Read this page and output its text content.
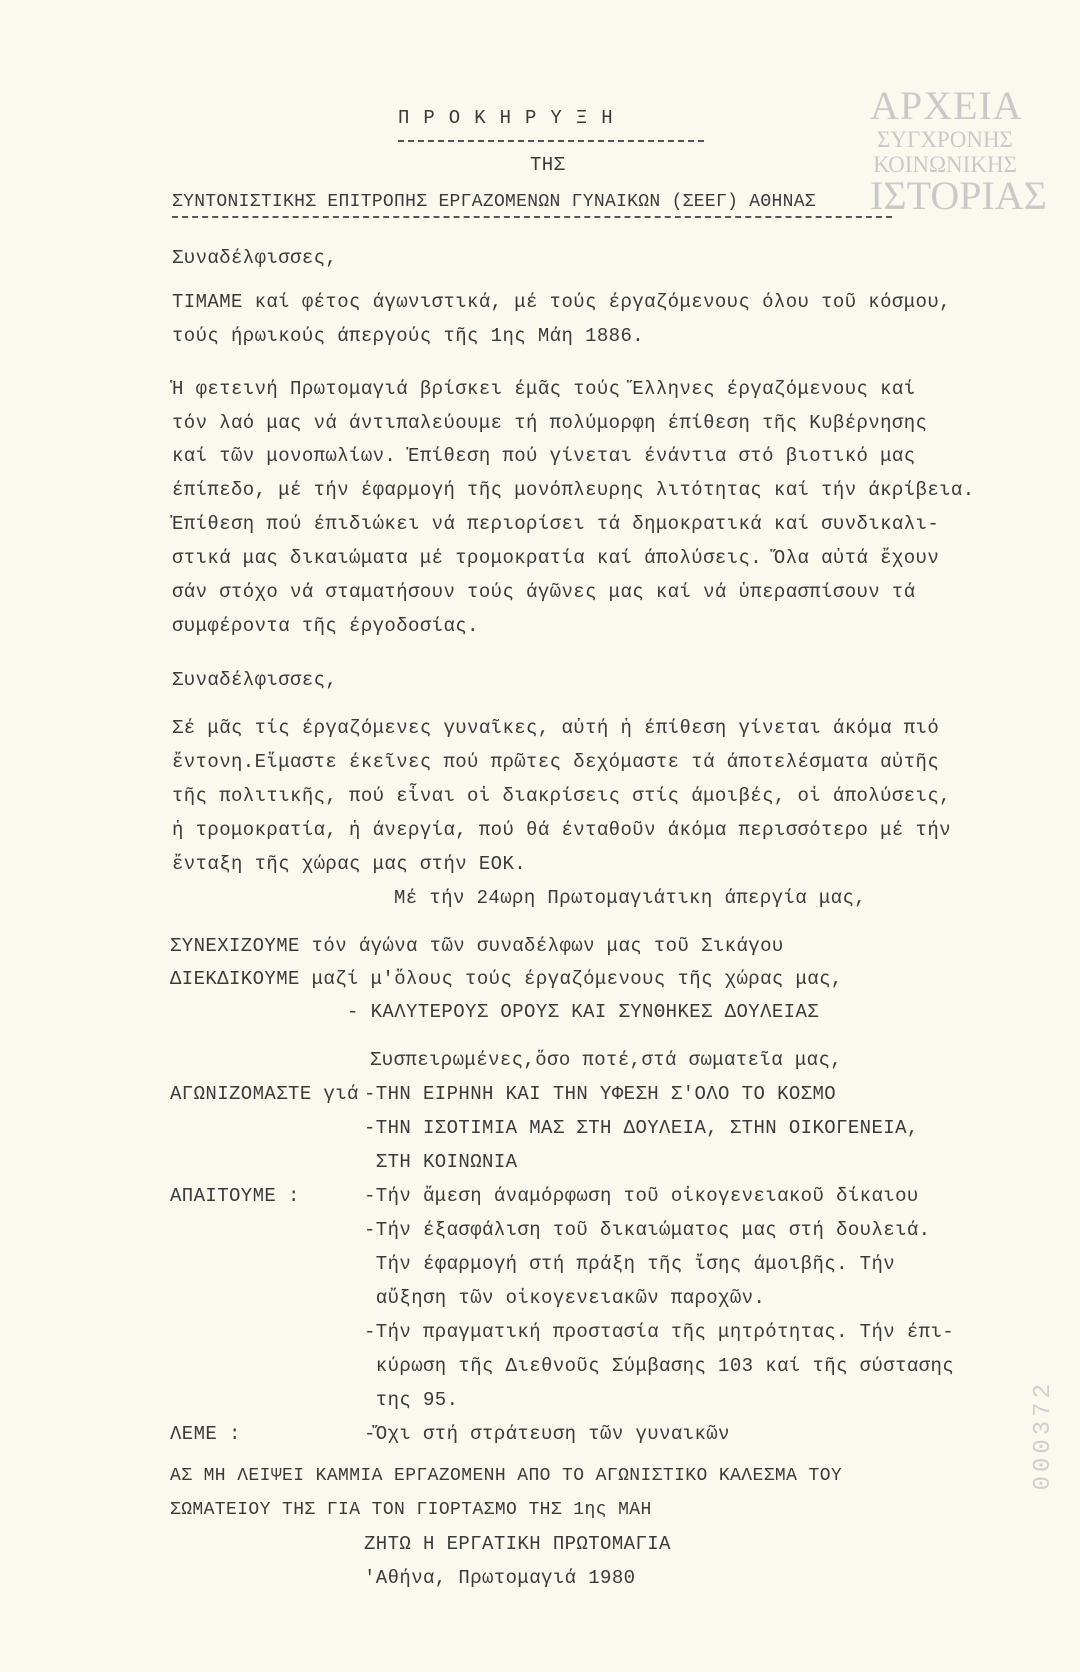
ΑΡΧΕΙΑ
ΣΥΓΧΡΟΝΗΣ
ΚΟΙΝΩΝΙΚΗΣ
ΙΣΤΟΡΙΑΣ
000372
ΠΡΟΚΗΡΥΞΗ
ΤΗΣ
ΣΥΝΤΟΝΙΣΤΙΚΗΣ ΕΠΙΤΡΟΠΗΣ ΕΡΓΑΖΟΜΕΝΩΝ ΓΥΝΑΙΚΩΝ (ΣΕΕΓ) ΑΘΗΝΑΣ
Συναδέλφισσες,
ΤΙΜΑΜΕ καί φέτος άγωνιστικά, μέ τούς έργαζόμενους όλου τοῦ κόσμου,
τούς ήρωικούς άπεργούς τῆς 1ης Μάη 1886.
Ἡ φετεινή Πρωτομαγιά βρίσκει έμᾶς τούς Ἕλληνες έργαζόμενους καί
τόν λαό μας νά άντιπαλεύουμε τή πολύμορφη έπίθεση τῆς Κυβέρνησης
καί τῶν μονοπωλίων. Ἐπίθεση πού γίνεται ένάντια στό βιοτικό μας
έπίπεδο, μέ τήν έφαρμογή τῆς μονόπλευρης λιτότητας καί τήν άκρίβεια.
Ἐπίθεση πού έπιδιώκει νά περιορίσει τά δημοκρατικά καί συνδικαλι-
στικά μας δικαιώματα μέ τρομοκρατία καί άπολύσεις. Ὅλα αὐτά ἔχουν
σάν στόχο νά σταματήσουν τούς άγῶνες μας καί νά ὑπερασπίσουν τά
συμφέροντα τῆς έργοδοσίας.
Συναδέλφισσες,
Σέ μᾶς τίς έργαζόμενες γυναῖκες, αὐτή ἡ έπίθεση γίνεται άκόμα πιό
ἔντονη.Εἴμαστε έκεῖνες πού πρῶτες δεχόμαστε τά άποτελέσματα αὐτῆς
τῆς πολιτικῆς, πού εἶναι οἱ διακρίσεις στίς άμοιβές, οἱ άπολύσεις,
ἡ τρομοκρατία, ἡ άνεργία, πού θά ένταθοῦν άκόμα περισσότερο μέ τήν
ἔνταξη τῆς χώρας μας στήν ΕΟΚ.
Μέ τήν 24ωρη Πρωτομαγιάτικη άπεργία μας,
ΣΥΝΕΧΙΖΟΥΜΕ τόν άγώνα τῶν συναδέλφων μας τοῦ Σικάγου
ΔΙΕΚΔΙΚΟΥΜΕ μαζί μ'ὅλους τούς έργαζόμενους τῆς χώρας μας,
- ΚΑΛΥΤΕΡΟΥΣ ΟΡΟΥΣ ΚΑΙ ΣΥΝΘΗΚΕΣ ΔΟΥΛΕΙΑΣ
Συσπειρωμένες,ὅσο ποτέ,στά σωματεῖα μας,
ΑΓΩΝΙΖΟΜΑΣΤΕ γιά -ΤΗΝ ΕΙΡΗΝΗ ΚΑΙ ΤΗΝ ΥΦΕΣΗ Σ'ΟΛΟ ΤΟ ΚΟΣΜΟ
-ΤΗΝ ΙΣΟΤΙΜΙΑ ΜΑΣ ΣΤΗ ΔΟΥΛΕΙΑ, ΣΤΗΝ ΟΙΚΟΓΕΝΕΙΑ,
ΣΤΗ ΚΟΙΝΩΝΙΑ
ΑΠΑΙΤΟΥΜΕ :	-Τήν ἄμεση άναμόρφωση τοῦ οἰκογενειακοῦ δίκαιου
-Τήν έξασφάλιση τοῦ δικαιώματος μας στή δουλειά.
Τήν έφαρμογή στή πράξη τῆς ἴσης άμοιβῆς. Τήν
αὔξηση τῶν οἰκογενειακῶν παροχῶν.
-Τήν πραγματική προστασία τῆς μητρότητας. Τήν έπι-
κύρωση τῆς Διεθνοῦς Σύμβασης 103 καί τῆς σύστασης
της 95.
ΛΕΜΕ :	-Ὄχι στή στράτευση τῶν γυναικῶν
ΑΣ ΜΗ ΛΕΙΨΕΙ ΚΑΜΜΙΑ ΕΡΓΑΖΟΜΕΝΗ ΑΠΟ ΤΟ ΑΓΩΝΙΣΤΙΚΟ ΚΑΛΕΣΜΑ ΤΟΥ
ΣΩΜΑΤΕΙΟΥ ΤΗΣ ΓΙΑ ΤΟΝ ΓΙΟΡΤΑΣΜΟ ΤΗΣ 1ης ΜΑΗ
ΖΗΤΩ Η ΕΡΓΑΤΙΚΗ ΠΡΩΤΟΜΑΓΙΑ
'Αθήνα, Πρωτομαγιά 1980
